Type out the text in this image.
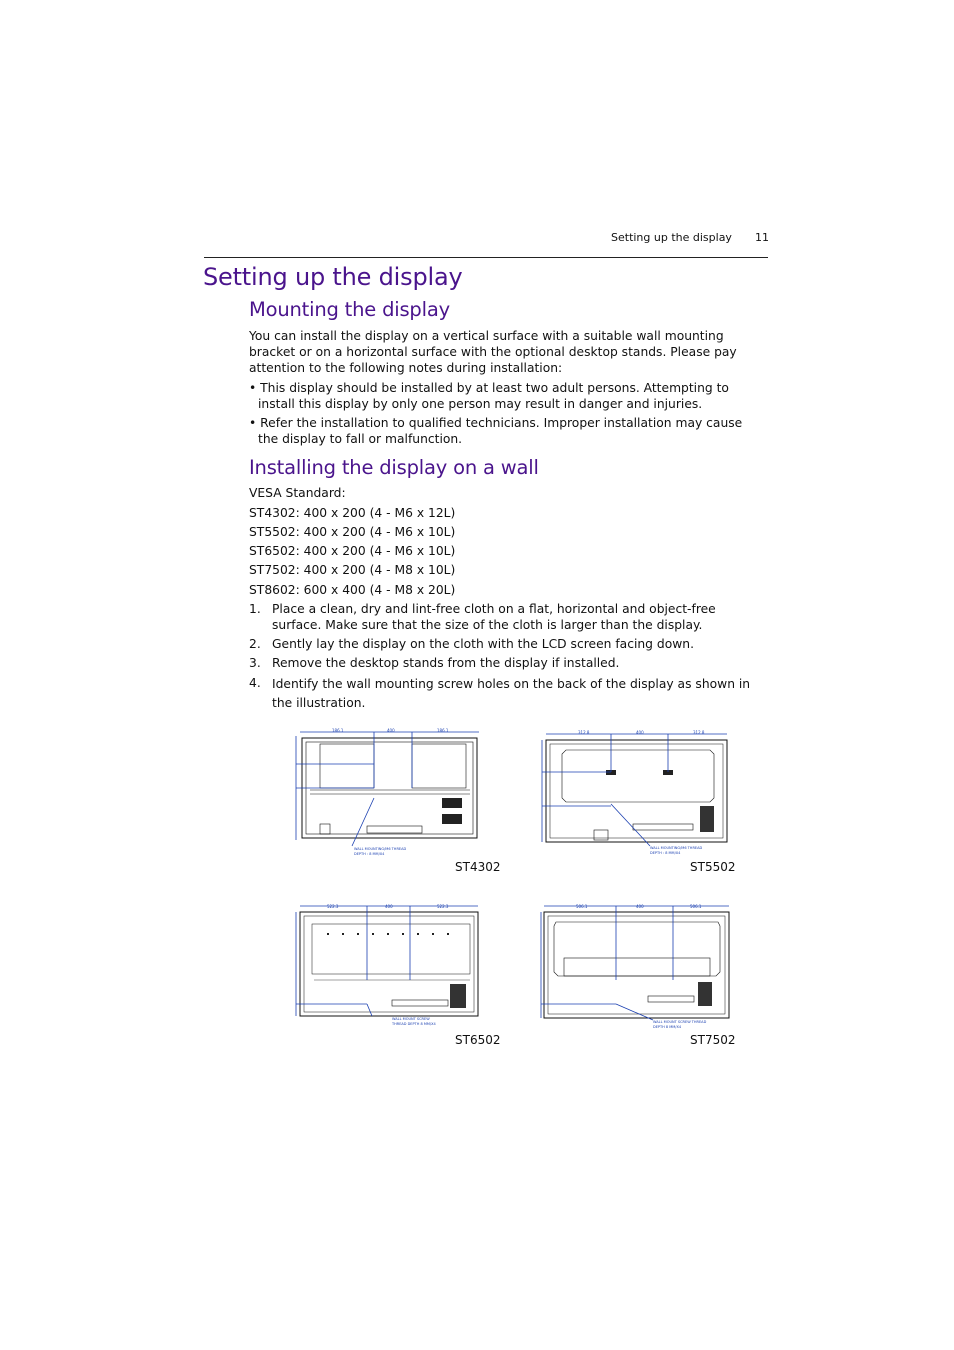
Setting up the display 11
Setting up the display
Mounting the display
You can install the display on a vertical surface with a suitable wall mounting bracket or on a horizontal surface with the optional desktop stands. Please pay attention to the following notes during installation:
• This display should be installed by at least two adult persons. Attempting to install this display by only one person may result in danger and injuries.
• Refer the installation to qualified technicians. Improper installation may cause the display to fall or malfunction.
Installing the display on a wall
VESA Standard:
ST4302: 400 x 200 (4 - M6 x 12L)
ST5502: 400 x 200 (4 - M6 x 10L)
ST6502: 400 x 200 (4 - M6 x 10L)
ST7502: 400 x 200 (4 - M8 x 10L)
ST8602: 600 x 400 (4 - M8 x 20L)
1. Place a clean, dry and lint-free cloth on a flat, horizontal and object-free surface. Make sure that the size of the cloth is larger than the display.
2. Gently lay the display on the cloth with the LCD screen facing down.
3. Remove the desktop stands from the display if installed.
4. Identify the wall mounting screw holes on the back of the display as shown in the illustration.
186.1	400	186.1
WALL MOUNTING/M6 THREAD
DEPTH : 8 MM/X4
ST4302
312.8	400	312.8
WALL MOUNTING/M6 THREAD
DEPTH : 8 MM/X4
ST5502
522.3	400	522.3
WALL MOUNT SCREW
THREAD DEPTH 8 MM/X4
ST6502
506.1	400	506.1
WALL MOUNT SCREW THREAD
DEPTH 8 MM/X4
ST7502
